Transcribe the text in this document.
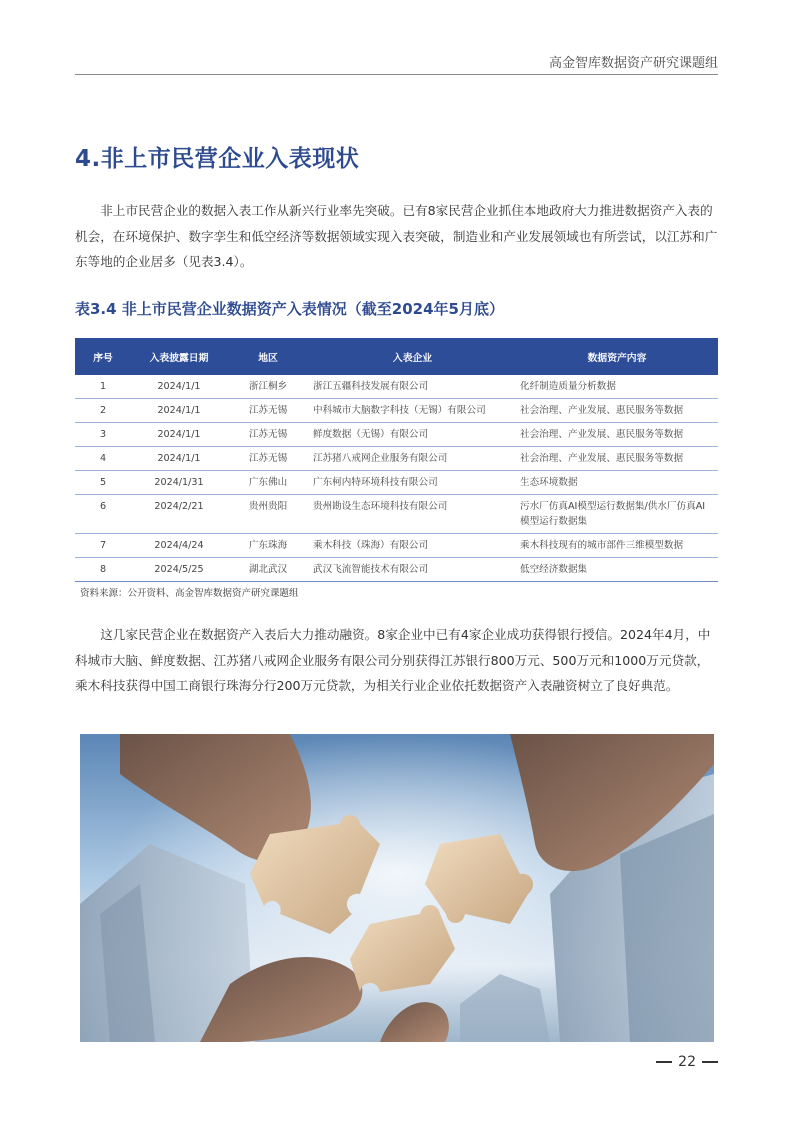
高金智库数据资产研究课题组
4.非上市民营企业入表现状

非上市民营企业的数据入表工作从新兴行业率先突破。已有8家民营企业抓住本地政府大力推进数据资产入表的机会，在环境保护、数字孪生和低空经济等数据领域实现入表突破，制造业和产业发展领域也有所尝试，以江苏和广东等地的企业居多（见表3.4）。

表3.4 非上市民营企业数据资产入表情况（截至2024年5月底）

序号	入表披露日期	地区	入表企业	数据资产内容
1	2024/1/1	浙江桐乡	浙江五疆科技发展有限公司	化纤制造质量分析数据
2	2024/1/1	江苏无锡	中科城市大脑数字科技（无锡）有限公司	社会治理、产业发展、惠民服务等数据
3	2024/1/1	江苏无锡	鲜度数据（无锡）有限公司	社会治理、产业发展、惠民服务等数据
4	2024/1/1	江苏无锡	江苏猪八戒网企业服务有限公司	社会治理、产业发展、惠民服务等数据
5	2024/1/31	广东佛山	广东柯内特环境科技有限公司	生态环境数据
6	2024/2/21	贵州贵阳	贵州勘设生态环境科技有限公司	污水厂仿真AI模型运行数据集/供水厂仿真AI模型运行数据集
7	2024/4/24	广东珠海	乘木科技（珠海）有限公司	乘木科技现有的城市部件三维模型数据
8	2024/5/25	湖北武汉	武汉飞流智能技术有限公司	低空经济数据集

资料来源：公开资料、高金智库数据资产研究课题组

这几家民营企业在数据资产入表后大力推动融资。8家企业中已有4家企业成功获得银行授信。2024年4月，中科城市大脑、鲜度数据、江苏猪八戒网企业服务有限公司分别获得江苏银行800万元、500万元和1000万元贷款，乘木科技获得中国工商银行珠海分行200万元贷款，为相关行业企业依托数据资产入表融资树立了良好典范。

22
